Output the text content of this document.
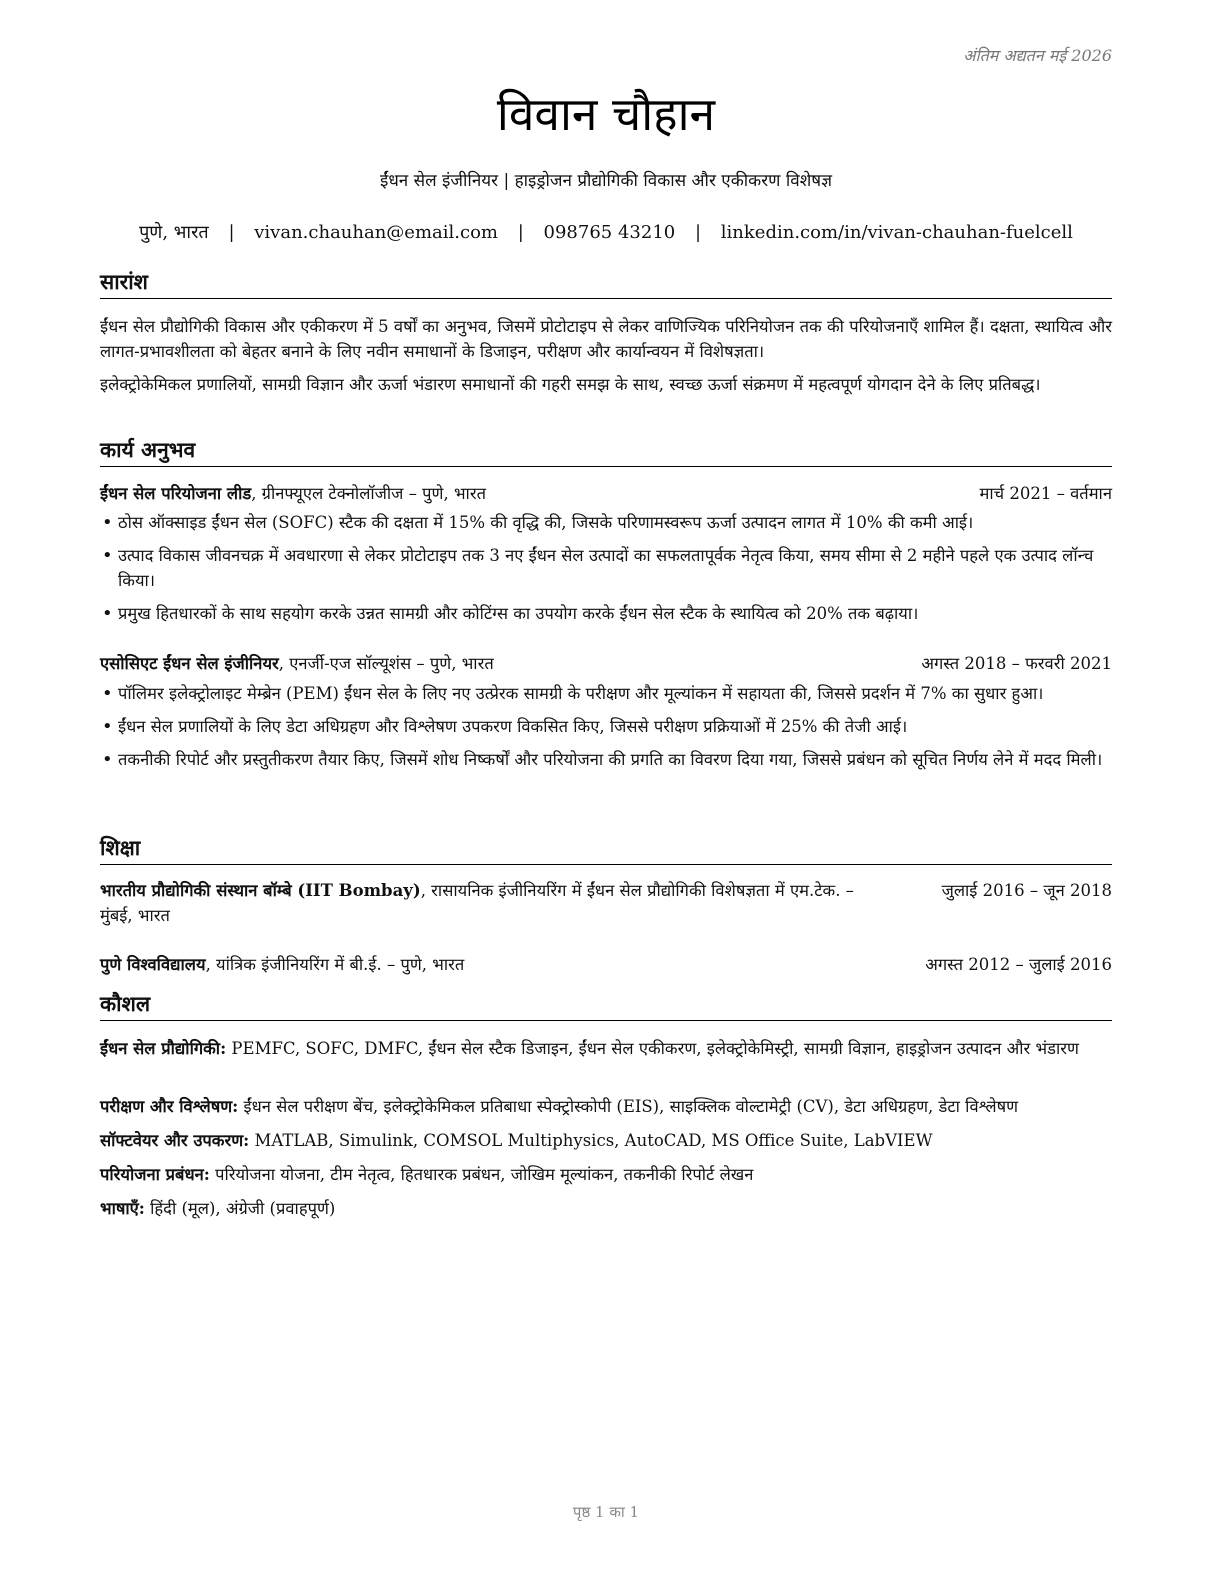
अंतिम अद्यतन मई 2026
विवान चौहान
ईंधन सेल इंजीनियर | हाइड्रोजन प्रौद्योगिकी विकास और एकीकरण विशेषज्ञ
पुणे, भारत | vivan.chauhan@email.com | 098765 43210 | linkedin.com/in/vivan-chauhan-fuelcell
सारांश
ईंधन सेल प्रौद्योगिकी विकास और एकीकरण में 5 वर्षों का अनुभव, जिसमें प्रोटोटाइप से लेकर वाणिज्यिक परिनियोजन तक की परियोजनाएँ शामिल हैं। दक्षता, स्थायित्व और लागत-प्रभावशीलता को बेहतर बनाने के लिए नवीन समाधानों के डिजाइन, परीक्षण और कार्यान्वयन में विशेषज्ञता।
इलेक्ट्रोकेमिकल प्रणालियों, सामग्री विज्ञान और ऊर्जा भंडारण समाधानों की गहरी समझ के साथ, स्वच्छ ऊर्जा संक्रमण में महत्वपूर्ण योगदान देने के लिए प्रतिबद्ध।
कार्य अनुभव
ईंधन सेल परियोजना लीड, ग्रीनफ्यूएल टेक्नोलॉजीज – पुणे, भारत	मार्च 2021 – वर्तमान
• ठोस ऑक्साइड ईंधन सेल (SOFC) स्टैक की दक्षता में 15% की वृद्धि की, जिसके परिणामस्वरूप ऊर्जा उत्पादन लागत में 10% की कमी आई।
• उत्पाद विकास जीवनचक्र में अवधारणा से लेकर प्रोटोटाइप तक 3 नए ईंधन सेल उत्पादों का सफलतापूर्वक नेतृत्व किया, समय सीमा से 2 महीने पहले एक उत्पाद लॉन्च किया।
• प्रमुख हितधारकों के साथ सहयोग करके उन्नत सामग्री और कोटिंग्स का उपयोग करके ईंधन सेल स्टैक के स्थायित्व को 20% तक बढ़ाया।
एसोसिएट ईंधन सेल इंजीनियर, एनर्जी-एज सॉल्यूशंस – पुणे, भारत	अगस्त 2018 – फरवरी 2021
• पॉलिमर इलेक्ट्रोलाइट मेम्ब्रेन (PEM) ईंधन सेल के लिए नए उत्प्रेरक सामग्री के परीक्षण और मूल्यांकन में सहायता की, जिससे प्रदर्शन में 7% का सुधार हुआ।
• ईंधन सेल प्रणालियों के लिए डेटा अधिग्रहण और विश्लेषण उपकरण विकसित किए, जिससे परीक्षण प्रक्रियाओं में 25% की तेजी आई।
• तकनीकी रिपोर्ट और प्रस्तुतीकरण तैयार किए, जिसमें शोध निष्कर्षों और परियोजना की प्रगति का विवरण दिया गया, जिससे प्रबंधन को सूचित निर्णय लेने में मदद मिली।
शिक्षा
भारतीय प्रौद्योगिकी संस्थान बॉम्बे (IIT Bombay), रासायनिक इंजीनियरिंग में ईंधन सेल प्रौद्योगिकी विशेषज्ञता में एम.टेक. – मुंबई, भारत
जुलाई 2016 – जून 2018
पुणे विश्वविद्यालय, यांत्रिक इंजीनियरिंग में बी.ई. – पुणे, भारत	अगस्त 2012 – जुलाई 2016
कौशल
ईंधन सेल प्रौद्योगिकी: PEMFC, SOFC, DMFC, ईंधन सेल स्टैक डिजाइन, ईंधन सेल एकीकरण, इलेक्ट्रोकेमिस्ट्री, सामग्री विज्ञान, हाइड्रोजन उत्पादन और भंडारण
परीक्षण और विश्लेषण: ईंधन सेल परीक्षण बेंच, इलेक्ट्रोकेमिकल प्रतिबाधा स्पेक्ट्रोस्कोपी (EIS), साइक्लिक वोल्टामेट्री (CV), डेटा अधिग्रहण, डेटा विश्लेषण
सॉफ्टवेयर और उपकरण: MATLAB, Simulink, COMSOL Multiphysics, AutoCAD, MS Office Suite, LabVIEW
परियोजना प्रबंधन: परियोजना योजना, टीम नेतृत्व, हितधारक प्रबंधन, जोखिम मूल्यांकन, तकनीकी रिपोर्ट लेखन
भाषाएँ: हिंदी (मूल), अंग्रेजी (प्रवाहपूर्ण)
पृष्ठ 1 का 1
